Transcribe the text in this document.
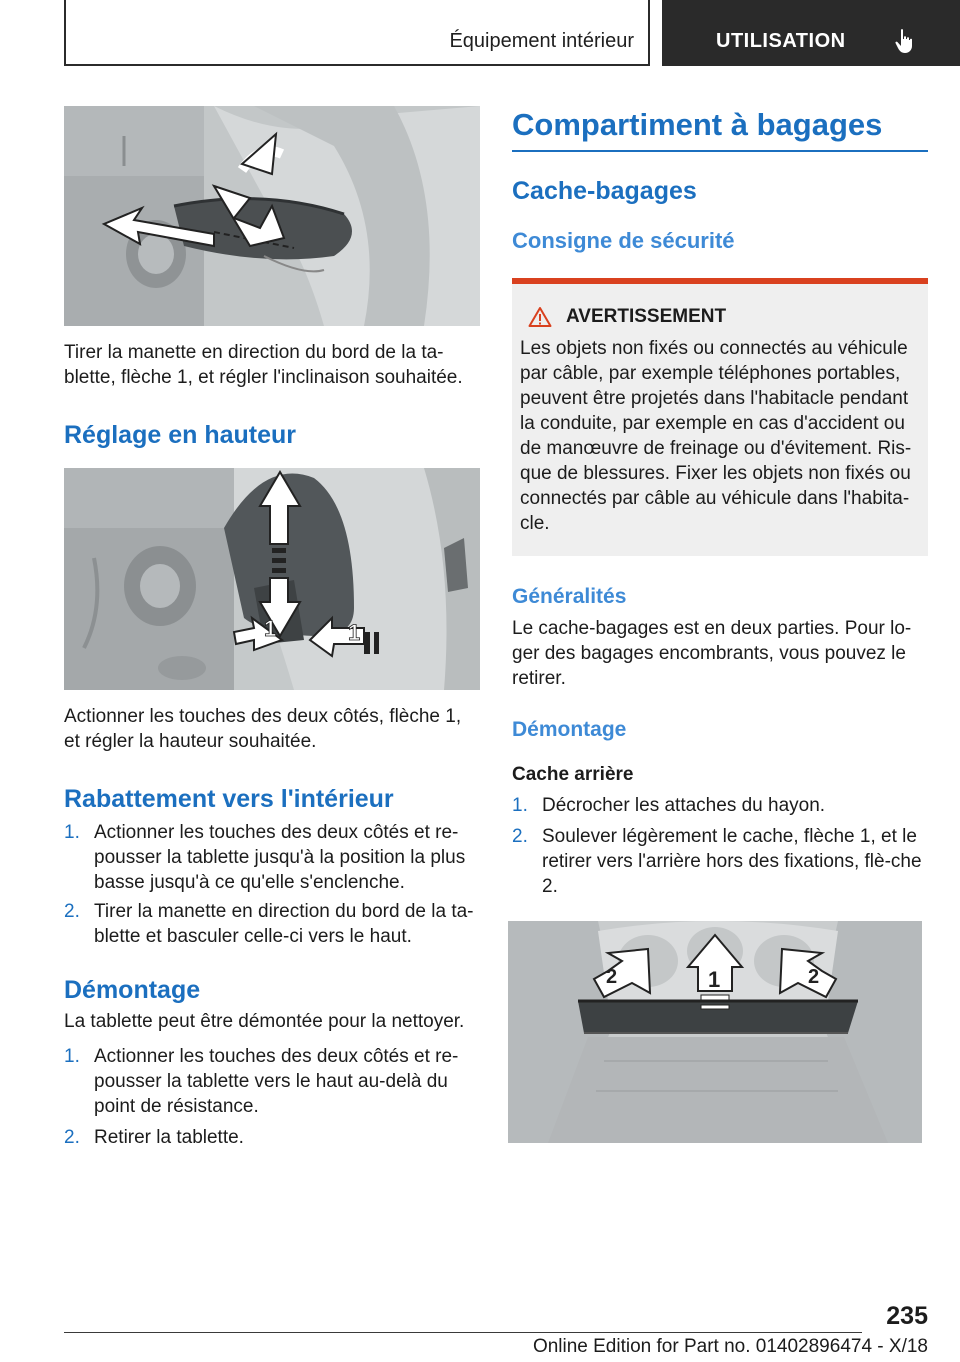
Équipement intérieur	UTILISATION

Tirer la manette en direction du bord de la ta-blette, flèche 1, et régler l'inclinaison souhaitée.

Réglage en hauteur
1	1

Actionner les touches des deux côtés, flèche 1, et régler la hauteur souhaitée.

Rabattement vers l'intérieur
1. Actionner les touches des deux côtés et re-pousser la tablette jusqu'à la position la plus basse jusqu'à ce qu'elle s'enclenche.
2. Tirer la manette en direction du bord de la ta-blette et basculer celle-ci vers le haut.
Démontage

La tablette peut être démontée pour la nettoyer.

1. Actionner les touches des deux côtés et re-pousser la tablette vers le haut au-delà du point de résistance.
2. Retirer la tablette.
Compartiment à bagages
Cache-bagages
Consigne de sécurité
AVERTISSEMENT

Les objets non fixés ou connectés au véhicule par câble, par exemple téléphones portables, peuvent être projetés dans l'habitacle pendant la conduite, par exemple en cas d'accident ou de manœuvre de freinage ou d'évitement. Ris-que de blessures. Fixer les objets non fixés ou connectés par câble au véhicule dans l'habita-cle.

Généralités

Le cache-bagages est en deux parties. Pour lo-ger des bagages encombrants, vous pouvez le retirer.

Démontage
Cache arrière
1. Décrocher les attaches du hayon.
2. Soulever légèrement le cache, flèche 1, et le retirer vers l'arrière hors des fixations, flè-che 2.
2	1	2
235
Online Edition for Part no. 01402896474 - X/18
